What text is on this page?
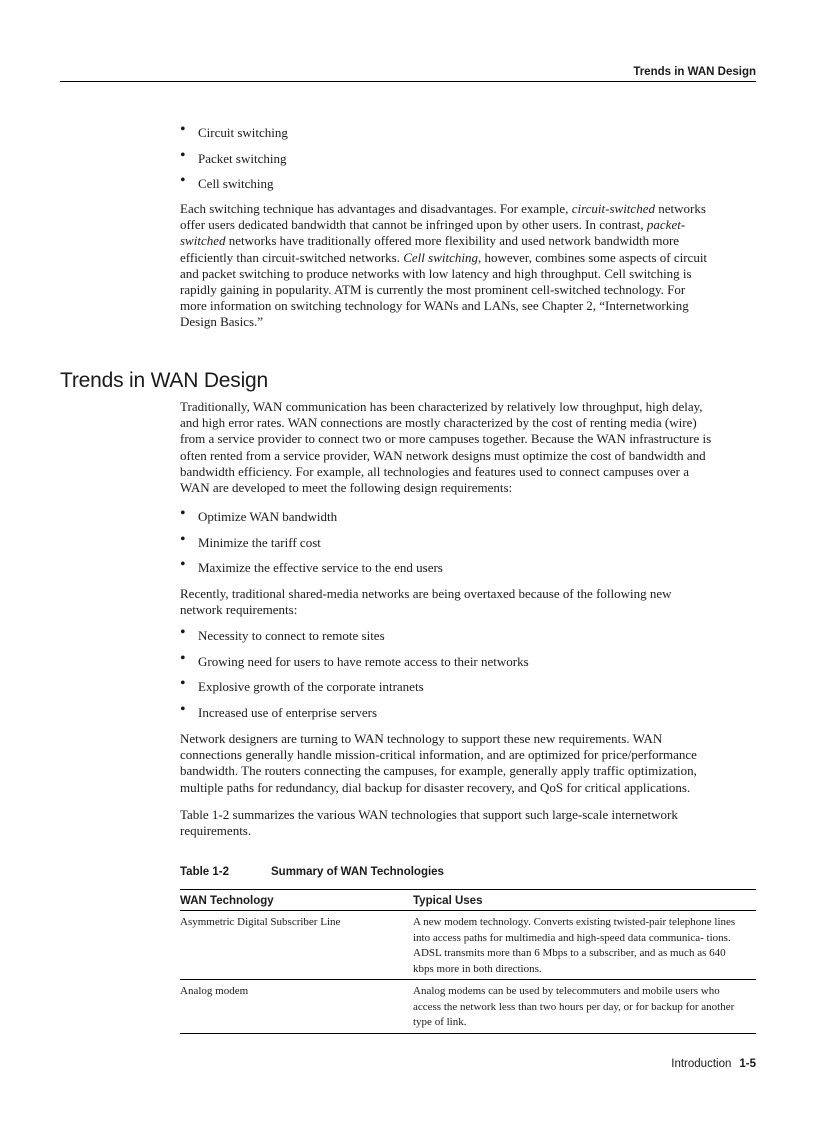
Trends in WAN Design
• Circuit switching
• Packet switching
• Cell switching

Each switching technique has advantages and disadvantages. For example, circuit-switched networks offer users dedicated bandwidth that cannot be infringed upon by other users. In contrast, packet-switched networks have traditionally offered more flexibility and used network bandwidth more efficiently than circuit-switched networks. Cell switching, however, combines some aspects of circuit and packet switching to produce networks with low latency and high throughput. Cell switching is rapidly gaining in popularity. ATM is currently the most prominent cell-switched technology. For more information on switching technology for WANs and LANs, see Chapter 2, “Internetworking Design Basics.”

Trends in WAN Design

Traditionally, WAN communication has been characterized by relatively low throughput, high delay, and high error rates. WAN connections are mostly characterized by the cost of renting media (wire) from a service provider to connect two or more campuses together. Because the WAN infrastructure is often rented from a service provider, WAN network designs must optimize the cost of bandwidth and bandwidth efficiency. For example, all technologies and features used to connect campuses over a WAN are developed to meet the following design requirements:

• Optimize WAN bandwidth
• Minimize the tariff cost
• Maximize the effective service to the end users

Recently, traditional shared-media networks are being overtaxed because of the following new network requirements:

• Necessity to connect to remote sites
• Growing need for users to have remote access to their networks
• Explosive growth of the corporate intranets
• Increased use of enterprise servers

Network designers are turning to WAN technology to support these new requirements. WAN connections generally handle mission-critical information, and are optimized for price/performance bandwidth. The routers connecting the campuses, for example, generally apply traffic optimization, multiple paths for redundancy, dial backup for disaster recovery, and QoS for critical applications.

Table 1-2 summarizes the various WAN technologies that support such large-scale internetwork requirements.

Table 1-2	Summary of WAN Technologies
WAN Technology	Typical Uses
Asymmetric Digital Subscriber Line	A new modem technology. Converts existing twisted-pair telephone lines into access paths for multimedia and high-speed data communica- tions. ADSL transmits more than 6 Mbps to a subscriber, and as much as 640 kbps more in both directions.
Analog modem	Analog modems can be used by telecommuters and mobile users who access the network less than two hours per day, or for backup for another type of link.
Introduction 1-5
